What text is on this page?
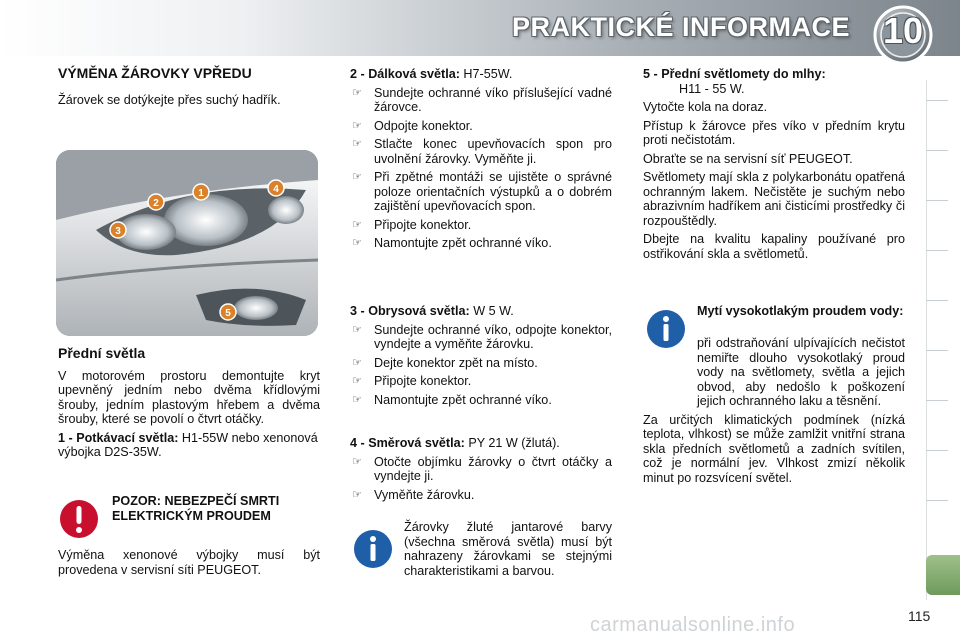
PRAKTICKÉ INFORMACE 10

VÝMĚNA ŽÁROVKY VPŘEDU

Žárovek se dotýkejte přes suchý hadřík.

1
2
3
4
5

Přední světla

V motorovém prostoru demontujte kryt upevněný jedním nebo dvěma křídlovými šrouby, jedním plastovým hřebem a dvěma šrouby, které se povolí o čtvrt otáčky.

1 - Potkávací světla: H1-55W nebo xenonová výbojka D2S-35W.

POZOR: NEBEZPEČÍ SMRTI ELEKTRICKÝM PROUDEM

Výměna xenonové výbojky musí být provedena v servisní síti PEUGEOT.

2 - Dálková světla: H7-55W.

☞ Sundejte ochranné víko příslušející vadné žárovce.
☞ Odpojte konektor.
☞ Stlačte konec upevňovacích spon pro uvolnění žárovky. Vyměňte ji.
☞ Při zpětné montáži se ujistěte o správné poloze orientačních výstupků a o dobrém zajištění upevňovacích spon.
☞ Připojte konektor.
☞ Namontujte zpět ochranné víko.

3 - Obrysová světla: W 5 W.

☞ Sundejte ochranné víko, odpojte konektor, vyndejte a vyměňte žárovku.
☞ Dejte konektor zpět na místo.
☞ Připojte konektor.
☞ Namontujte zpět ochranné víko.

4 - Směrová světla: PY 21 W (žlutá).

☞ Otočte objímku žárovky o čtvrt otáčky a vyndejte ji.
☞ Vyměňte žárovku.

Žárovky žluté jantarové barvy (všechna směrová světla) musí být nahrazeny žárovkami se stejnými charakteristikami a barvou.

5 - Přední světlomety do mlhy:

H11 - 55 W.

Vytočte kola na doraz.

Přístup k žárovce přes víko v předním krytu proti nečistotám.

Obraťte se na servisní síť PEUGEOT.

Světlomety mají skla z polykarbonátu opatřená ochranným lakem. Nečistěte je suchým nebo abrazivním hadříkem ani čisticími prostředky či rozpouštědly.

Dbejte na kvalitu kapaliny používané pro ostřikování skla a světlometů.

Mytí vysokotlakým proudem vody:

při odstraňování ulpívajících nečistot nemiřte dlouho vysokotlaký proud vody na světlomety, světla a jejich obvod, aby nedošlo k poškození jejich ochranného laku a těsnění.

Za určitých klimatických podmínek (nízká teplota, vlhkost) se může zamlžit vnitřní strana skla předních světlometů a zadních svítilen, což je normální jev. Vlhkost zmizí několik minut po rozsvícení světel.

carmanualsonline.info	115
